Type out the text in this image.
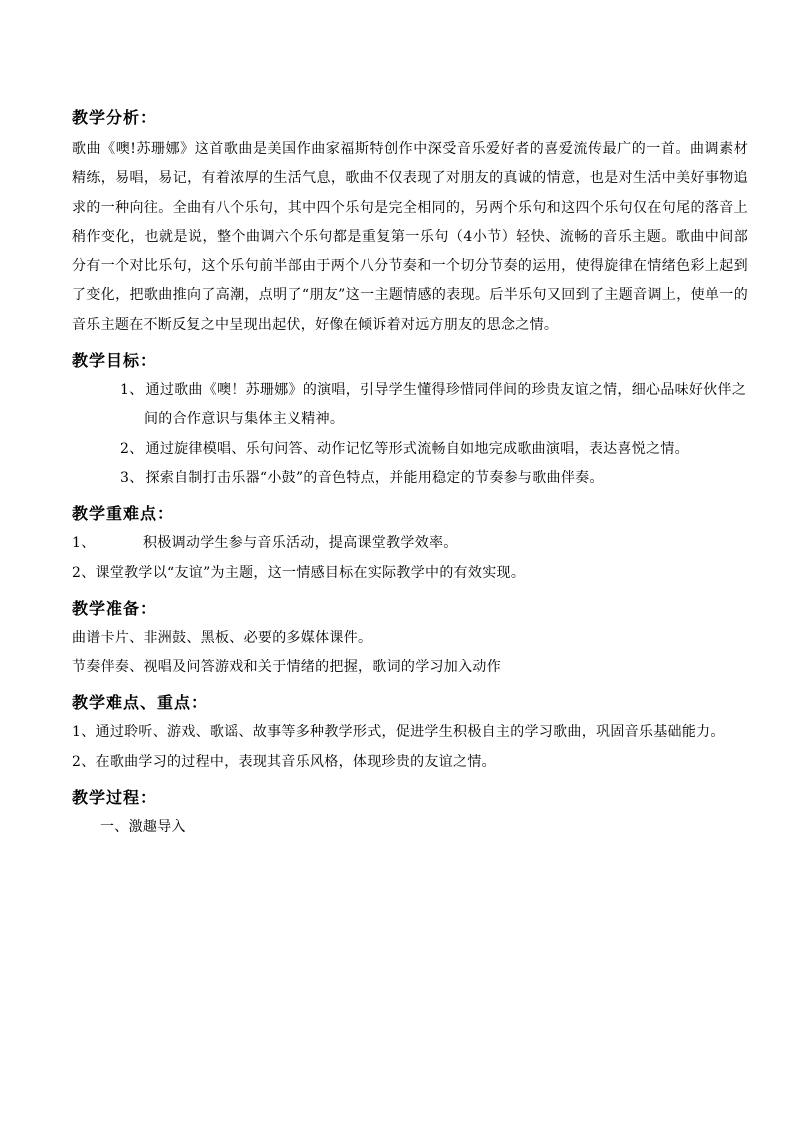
教学分析：

歌曲《噢!苏珊娜》这首歌曲是美国作曲家福斯特创作中深受音乐爱好者的喜爱流传最广的一首。曲调素材精练，易唱，易记，有着浓厚的生活气息，歌曲不仅表现了对朋友的真诚的情意，也是对生活中美好事物追求的一种向往。全曲有八个乐句，其中四个乐句是完全相同的，另两个乐句和这四个乐句仅在句尾的落音上稍作变化，也就是说，整个曲调六个乐句都是重复第一乐句（4小节）轻快、流畅的音乐主题。歌曲中间部分有一个对比乐句，这个乐句前半部由于两个八分节奏和一个切分节奏的运用，使得旋律在情绪色彩上起到了变化，把歌曲推向了高潮，点明了“朋友”这一主题情感的表现。后半乐句又回到了主题音调上，使单一的音乐主题在不断反复之中呈现出起伏，好像在倾诉着对远方朋友的思念之情。

教学目标：

1、 通过歌曲《噢！苏珊娜》的演唱，引导学生懂得珍惜同伴间的珍贵友谊之情，细心品味好伙伴之间的合作意识与集体主义精神。

2、 通过旋律模唱、乐句问答、动作记忆等形式流畅自如地完成歌曲演唱，表达喜悦之情。

3、 探索自制打击乐器“小鼓”的音色特点，并能用稳定的节奏参与歌曲伴奏。

教学重难点：

1、	积极调动学生参与音乐活动，提高课堂教学效率。

2、课堂教学以“友谊”为主题，这一情感目标在实际教学中的有效实现。

教学准备：

曲谱卡片、非洲鼓、黑板、必要的多媒体课件。

节奏伴奏、视唱及问答游戏和关于情绪的把握，歌词的学习加入动作

教学难点、重点：

1、通过聆听、游戏、歌谣、故事等多种教学形式，促进学生积极自主的学习歌曲，巩固音乐基础能力。

2、在歌曲学习的过程中，表现其音乐风格，体现珍贵的友谊之情。

教学过程：

一、激趣导入
